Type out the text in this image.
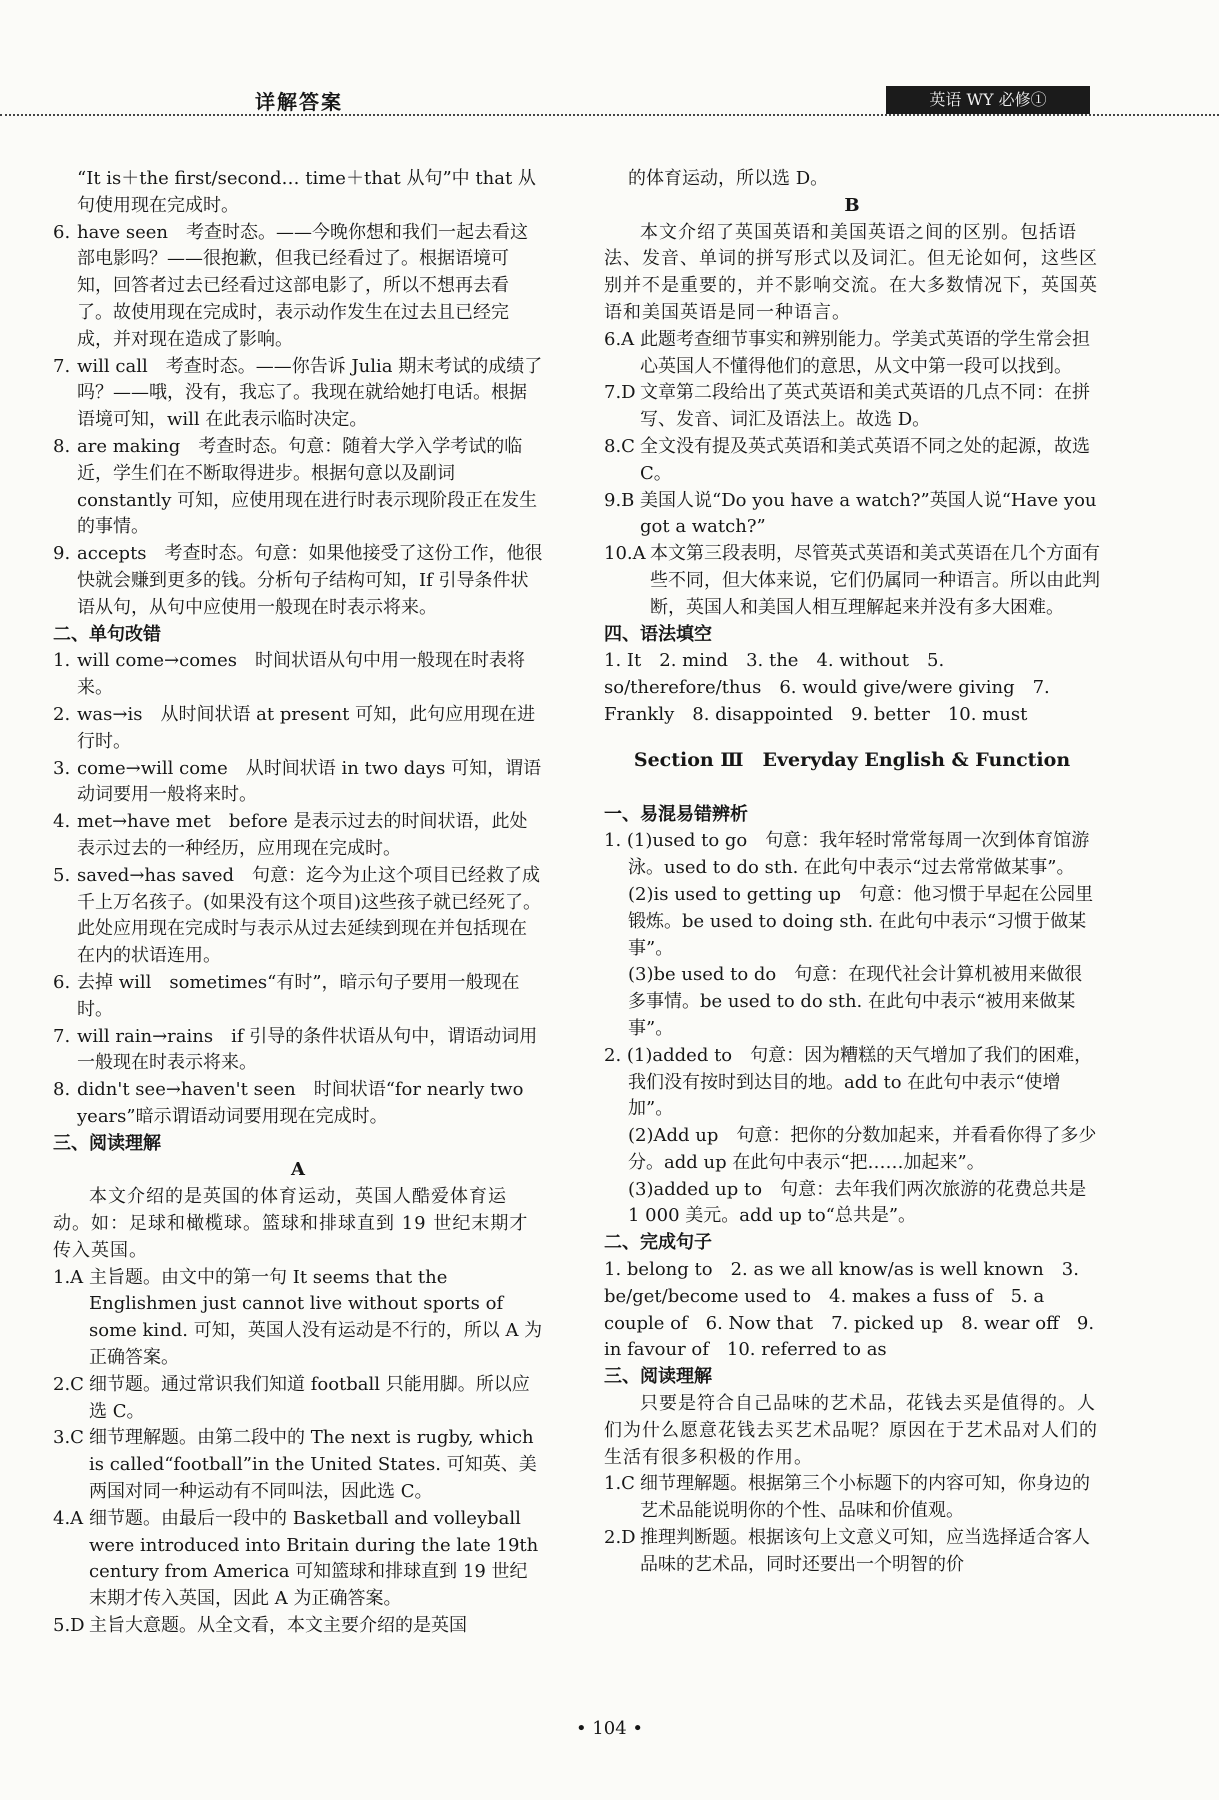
详解答案	英语 WY 必修①

“It is＋the first/second… time＋that 从句”中 that 从句使用现在完成时。

6. have seen　考查时态。——今晚你想和我们一起去看这部电影吗？——很抱歉，但我已经看过了。根据语境可知，回答者过去已经看过这部电影了，所以不想再去看了。故使用现在完成时，表示动作发生在过去且已经完成，并对现在造成了影响。

7. will call　考查时态。——你告诉 Julia 期末考试的成绩了吗？——哦，没有，我忘了。我现在就给她打电话。根据语境可知，will 在此表示临时决定。

8. are making　考查时态。句意：随着大学入学考试的临近，学生们在不断取得进步。根据句意以及副词 constantly 可知，应使用现在进行时表示现阶段正在发生的事情。

9. accepts　考查时态。句意：如果他接受了这份工作，他很快就会赚到更多的钱。分析句子结构可知，If 引导条件状语从句，从句中应使用一般现在时表示将来。

二、单句改错

1. will come→comes　时间状语从句中用一般现在时表将来。

2. was→is　从时间状语 at present 可知，此句应用现在进行时。

3. come→will come　从时间状语 in two days 可知，谓语动词要用一般将来时。

4. met→have met　before 是表示过去的时间状语，此处表示过去的一种经历，应用现在完成时。

5. saved→has saved　句意：迄今为止这个项目已经救了成千上万名孩子。(如果没有这个项目)这些孩子就已经死了。此处应用现在完成时与表示从过去延续到现在并包括现在在内的状语连用。

6. 去掉 will　sometimes“有时”，暗示句子要用一般现在时。

7. will rain→rains　if 引导的条件状语从句中，谓语动词用一般现在时表示将来。

8. didn't see→haven't seen　时间状语“for nearly two years”暗示谓语动词要用现在完成时。

三、阅读理解

A

本文介绍的是英国的体育运动，英国人酷爱体育运动。如：足球和橄榄球。篮球和排球直到 19 世纪末期才传入英国。

1.A 主旨题。由文中的第一句 It seems that the Englishmen just cannot live without sports of some kind. 可知，英国人没有运动是不行的，所以 A 为正确答案。

2.C 细节题。通过常识我们知道 football 只能用脚。所以应选 C。

3.C 细节理解题。由第二段中的 The next is rugby, which is called“football”in the United States. 可知英、美两国对同一种运动有不同叫法，因此选 C。

4.A 细节题。由最后一段中的 Basketball and volleyball were introduced into Britain during the late 19th century from America 可知篮球和排球直到 19 世纪末期才传入英国，因此 A 为正确答案。

5.D 主旨大意题。从全文看，本文主要介绍的是英国

的体育运动，所以选 D。

B

本文介绍了英国英语和美国英语之间的区别。包括语法、发音、单词的拼写形式以及词汇。但无论如何，这些区别并不是重要的，并不影响交流。在大多数情况下，英国英语和美国英语是同一种语言。

6.A 此题考查细节事实和辨别能力。学美式英语的学生常会担心英国人不懂得他们的意思，从文中第一段可以找到。

7.D 文章第二段给出了英式英语和美式英语的几点不同：在拼写、发音、词汇及语法上。故选 D。

8.C 全文没有提及英式英语和美式英语不同之处的起源，故选 C。

9.B 美国人说“Do you have a watch?”英国人说“Have you got a watch?”

10.A 本文第三段表明，尽管英式英语和美式英语在几个方面有些不同，但大体来说，它们仍属同一种语言。所以由此判断，英国人和美国人相互理解起来并没有多大困难。

四、语法填空

1. It　2. mind　3. the　4. without　5. so/therefore/thus　6. would give/were giving　7. Frankly　8. disappointed　9. better　10. must

Section Ⅲ　Everyday English & Function

一、易混易错辨析

1. (1)used to go　句意：我年轻时常常每周一次到体育馆游泳。used to do sth. 在此句中表示“过去常常做某事”。

(2)is used to getting up　句意：他习惯于早起在公园里锻炼。be used to doing sth. 在此句中表示“习惯于做某事”。

(3)be used to do　句意：在现代社会计算机被用来做很多事情。be used to do sth. 在此句中表示“被用来做某事”。

2. (1)added to　句意：因为糟糕的天气增加了我们的困难，我们没有按时到达目的地。add to 在此句中表示“使增加”。

(2)Add up　句意：把你的分数加起来，并看看你得了多少分。add up 在此句中表示“把……加起来”。

(3)added up to　句意：去年我们两次旅游的花费总共是 1 000 美元。add up to“总共是”。

二、完成句子

1. belong to　2. as we all know/as is well known　3. be/get/become used to　4. makes a fuss of　5. a couple of　6. Now that　7. picked up　8. wear off　9. in favour of　10. referred to as

三、阅读理解

只要是符合自己品味的艺术品，花钱去买是值得的。人们为什么愿意花钱去买艺术品呢？原因在于艺术品对人们的生活有很多积极的作用。

1.C 细节理解题。根据第三个小标题下的内容可知，你身边的艺术品能说明你的个性、品味和价值观。

2.D 推理判断题。根据该句上文意义可知，应当选择适合客人品味的艺术品，同时还要出一个明智的价

• 104 •
